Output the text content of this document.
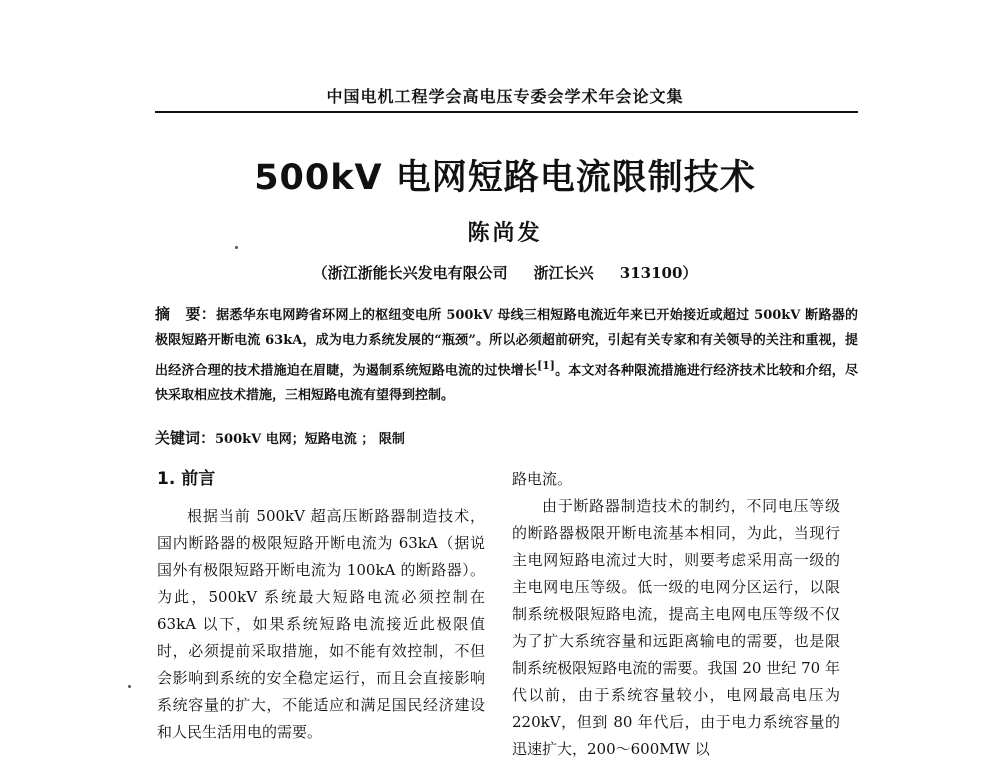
中国电机工程学会高电压专委会学术年会论文集
500kV 电网短路电流限制技术
陈尚发
（浙江浙能长兴发电有限公司     浙江长兴     313100）
摘　要：据悉华东电网跨省环网上的枢纽变电所 500kV 母线三相短路电流近年来已开始接近或超过 500kV 断路器的极限短路开断电流 63kA，成为电力系统发展的“瓶颈”。所以必须超前研究，引起有关专家和有关领导的关注和重视，提出经济合理的技术措施迫在眉睫，为遏制系统短路电流的过快增长[1]。本文对各种限流措施进行经济技术比较和介绍，尽快采取相应技术措施，三相短路电流有望得到控制。
关键词：500kV 电网；短路电流 ； 限制
1. 前言

根据当前 500kV 超高压断路器制造技术，国内断路器的极限短路开断电流为 63kA（据说国外有极限短路开断电流为 100kA 的断路器）。为此，500kV 系统最大短路电流必须控制在 63kA 以下，如果系统短路电流接近此极限值时，必须提前采取措施，如不能有效控制，不但会影响到系统的安全稳定运行，而且会直接影响系统容量的扩大，不能适应和满足国民经济建设和人民生活用电的需要。

路电流。

由于断路器制造技术的制约，不同电压等级的断路器极限开断电流基本相同，为此，当现行主电网短路电流过大时，则要考虑采用高一级的主电网电压等级。低一级的电网分区运行，以限制系统极限短路电流，提高主电网电压等级不仅为了扩大系统容量和远距离输电的需要，也是限制系统极限短路电流的需要。我国 20 世纪 70 年代以前，由于系统容量较小，电网最高电压为 220kV，但到 80 年代后，由于电力系统容量的迅速扩大，200～600MW 以
